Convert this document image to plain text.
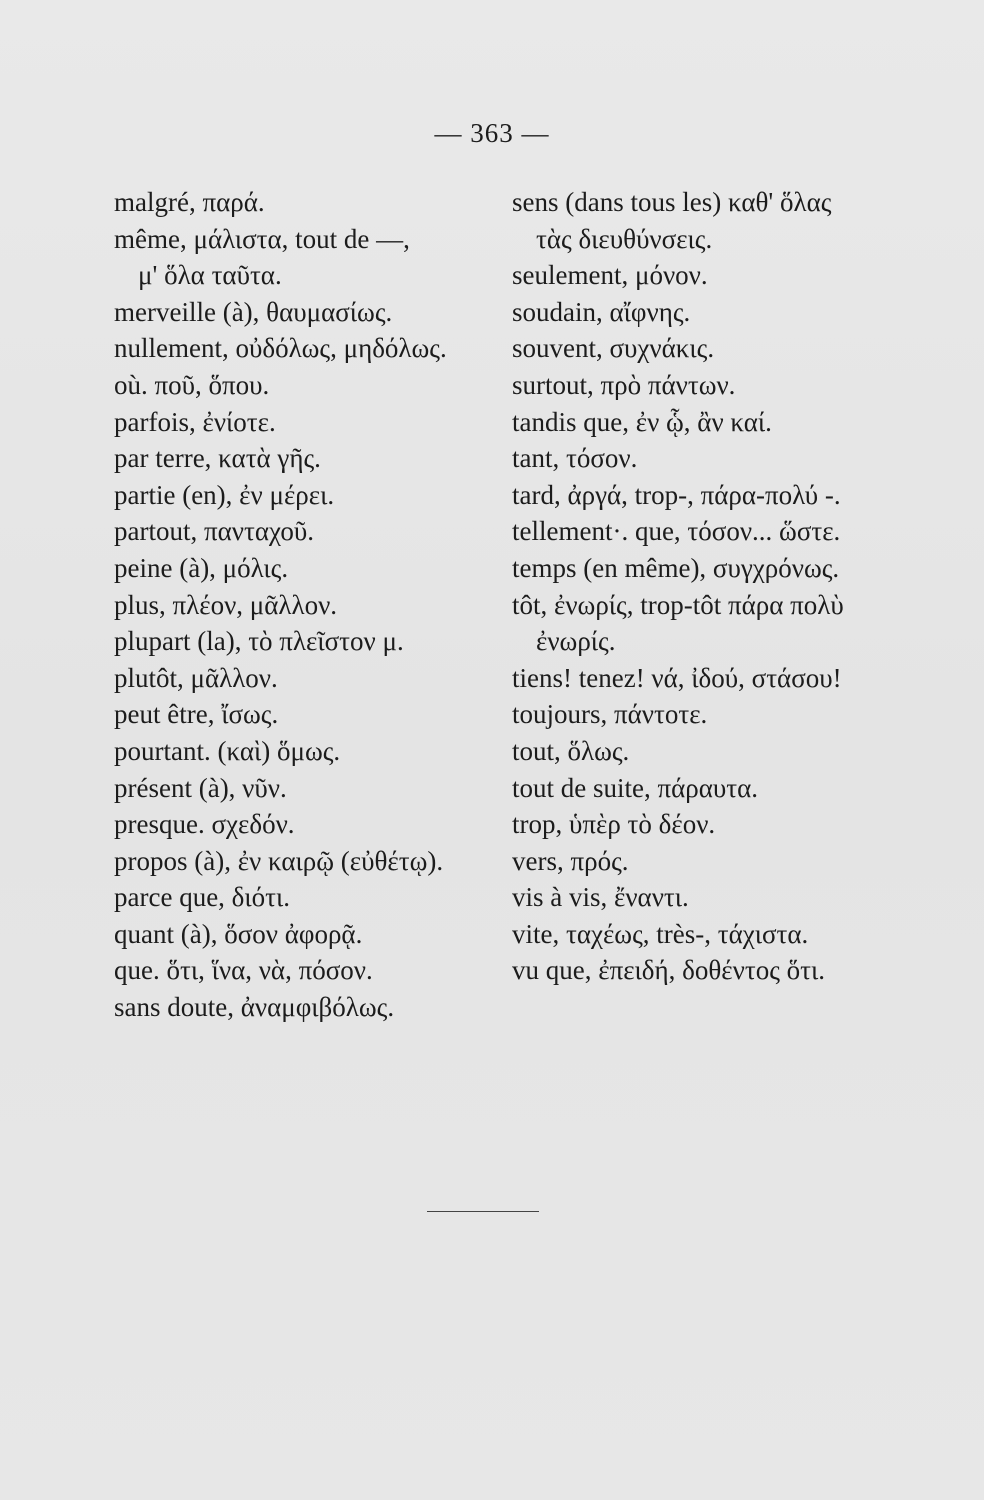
— 363 —
malgré, παρά.
même, μάλιστα, tout de —,
μ' ὅλα ταῦτα.
merveille (à), θαυμασίως.
nullement, οὐδόλως, μηδόλως.
où. ποῦ, ὅπου.
parfois, ἐνίοτε.
par terre, κατὰ γῆς.
partie (en), ἐν μέρει.
partout, πανταχοῦ.
peine (à), μόλις.
plus, πλέον, μᾶλλον.
plupart (la), τὸ πλεῖστον μ.
plutôt, μᾶλλον.
peut être, ἴσως.
pourtant. (καὶ) ὅμως.
présent (à), νῦν.
presque. σχεδόν.
propos (à), ἐν καιρῷ (εὐθέτῳ).
parce que, διότι.
quant (à), ὅσον ἀφορᾷ.
que. ὅτι, ἵνα, νὰ, πόσον.
sans doute, ἀναμφιβόλως.
sens (dans tous les) καθ' ὅλας
τὰς διευθύνσεις.
seulement, μόνον.
soudain, αἴφνης.
souvent, συχνάκις.
surtout, πρὸ πάντων.
tandis que, ἐν ᾧ, ἂν καί.
tant, τόσον.
tard, ἀργά, trop-, πάρα-πολύ -.
tellement·. que, τόσον... ὥστε.
temps (en même), συγχρόνως.
tôt, ἐνωρίς, trop-tôt πάρα πολὺ
ἐνωρίς.
tiens! tenez! νά, ἰδού, στάσου!
toujours, πάντοτε.
tout, ὅλως.
tout de suite, πάραυτα.
trop, ὑπὲρ τὸ δέον.
vers, πρός.
vis à vis, ἔναντι.
vite, ταχέως, très-, τάχιστα.
vu que, ἐπειδή, δοθέντος ὅτι.
